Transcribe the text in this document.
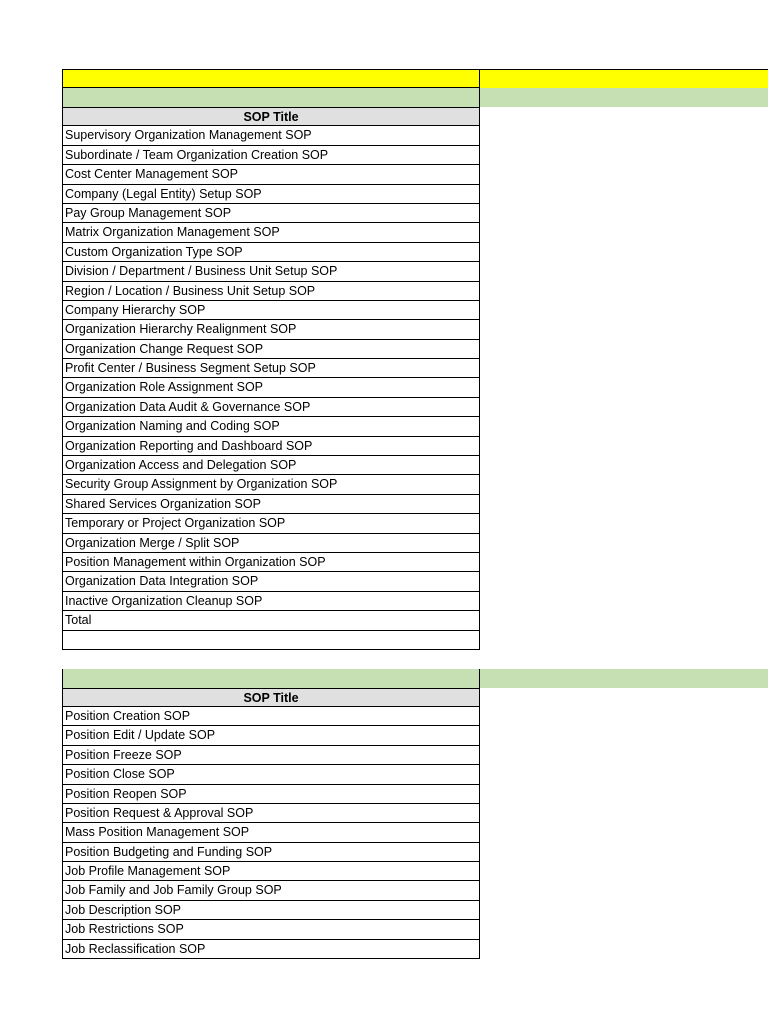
SOP Title
Supervisory Organization Management SOP
Subordinate / Team Organization Creation SOP
Cost Center Management SOP
Company (Legal Entity) Setup SOP
Pay Group Management SOP
Matrix Organization Management SOP
Custom Organization Type SOP
Division / Department / Business Unit Setup SOP
Region / Location / Business Unit Setup SOP
Company Hierarchy SOP
Organization Hierarchy Realignment SOP
Organization Change Request SOP
Profit Center / Business Segment Setup SOP
Organization Role Assignment SOP
Organization Data Audit & Governance SOP
Organization Naming and Coding SOP
Organization Reporting and Dashboard SOP
Organization Access and Delegation SOP
Security Group Assignment by Organization SOP
Shared Services Organization SOP
Temporary or Project Organization SOP
Organization Merge / Split SOP
Position Management within Organization SOP
Organization Data Integration SOP
Inactive Organization Cleanup SOP
Total
SOP Title
Position Creation SOP
Position Edit / Update SOP
Position Freeze SOP
Position Close SOP
Position Reopen SOP
Position Request & Approval SOP
Mass Position Management SOP
Position Budgeting and Funding SOP
Job Profile Management SOP
Job Family and Job Family Group SOP
Job Description SOP
Job Restrictions SOP
Job Reclassification SOP
